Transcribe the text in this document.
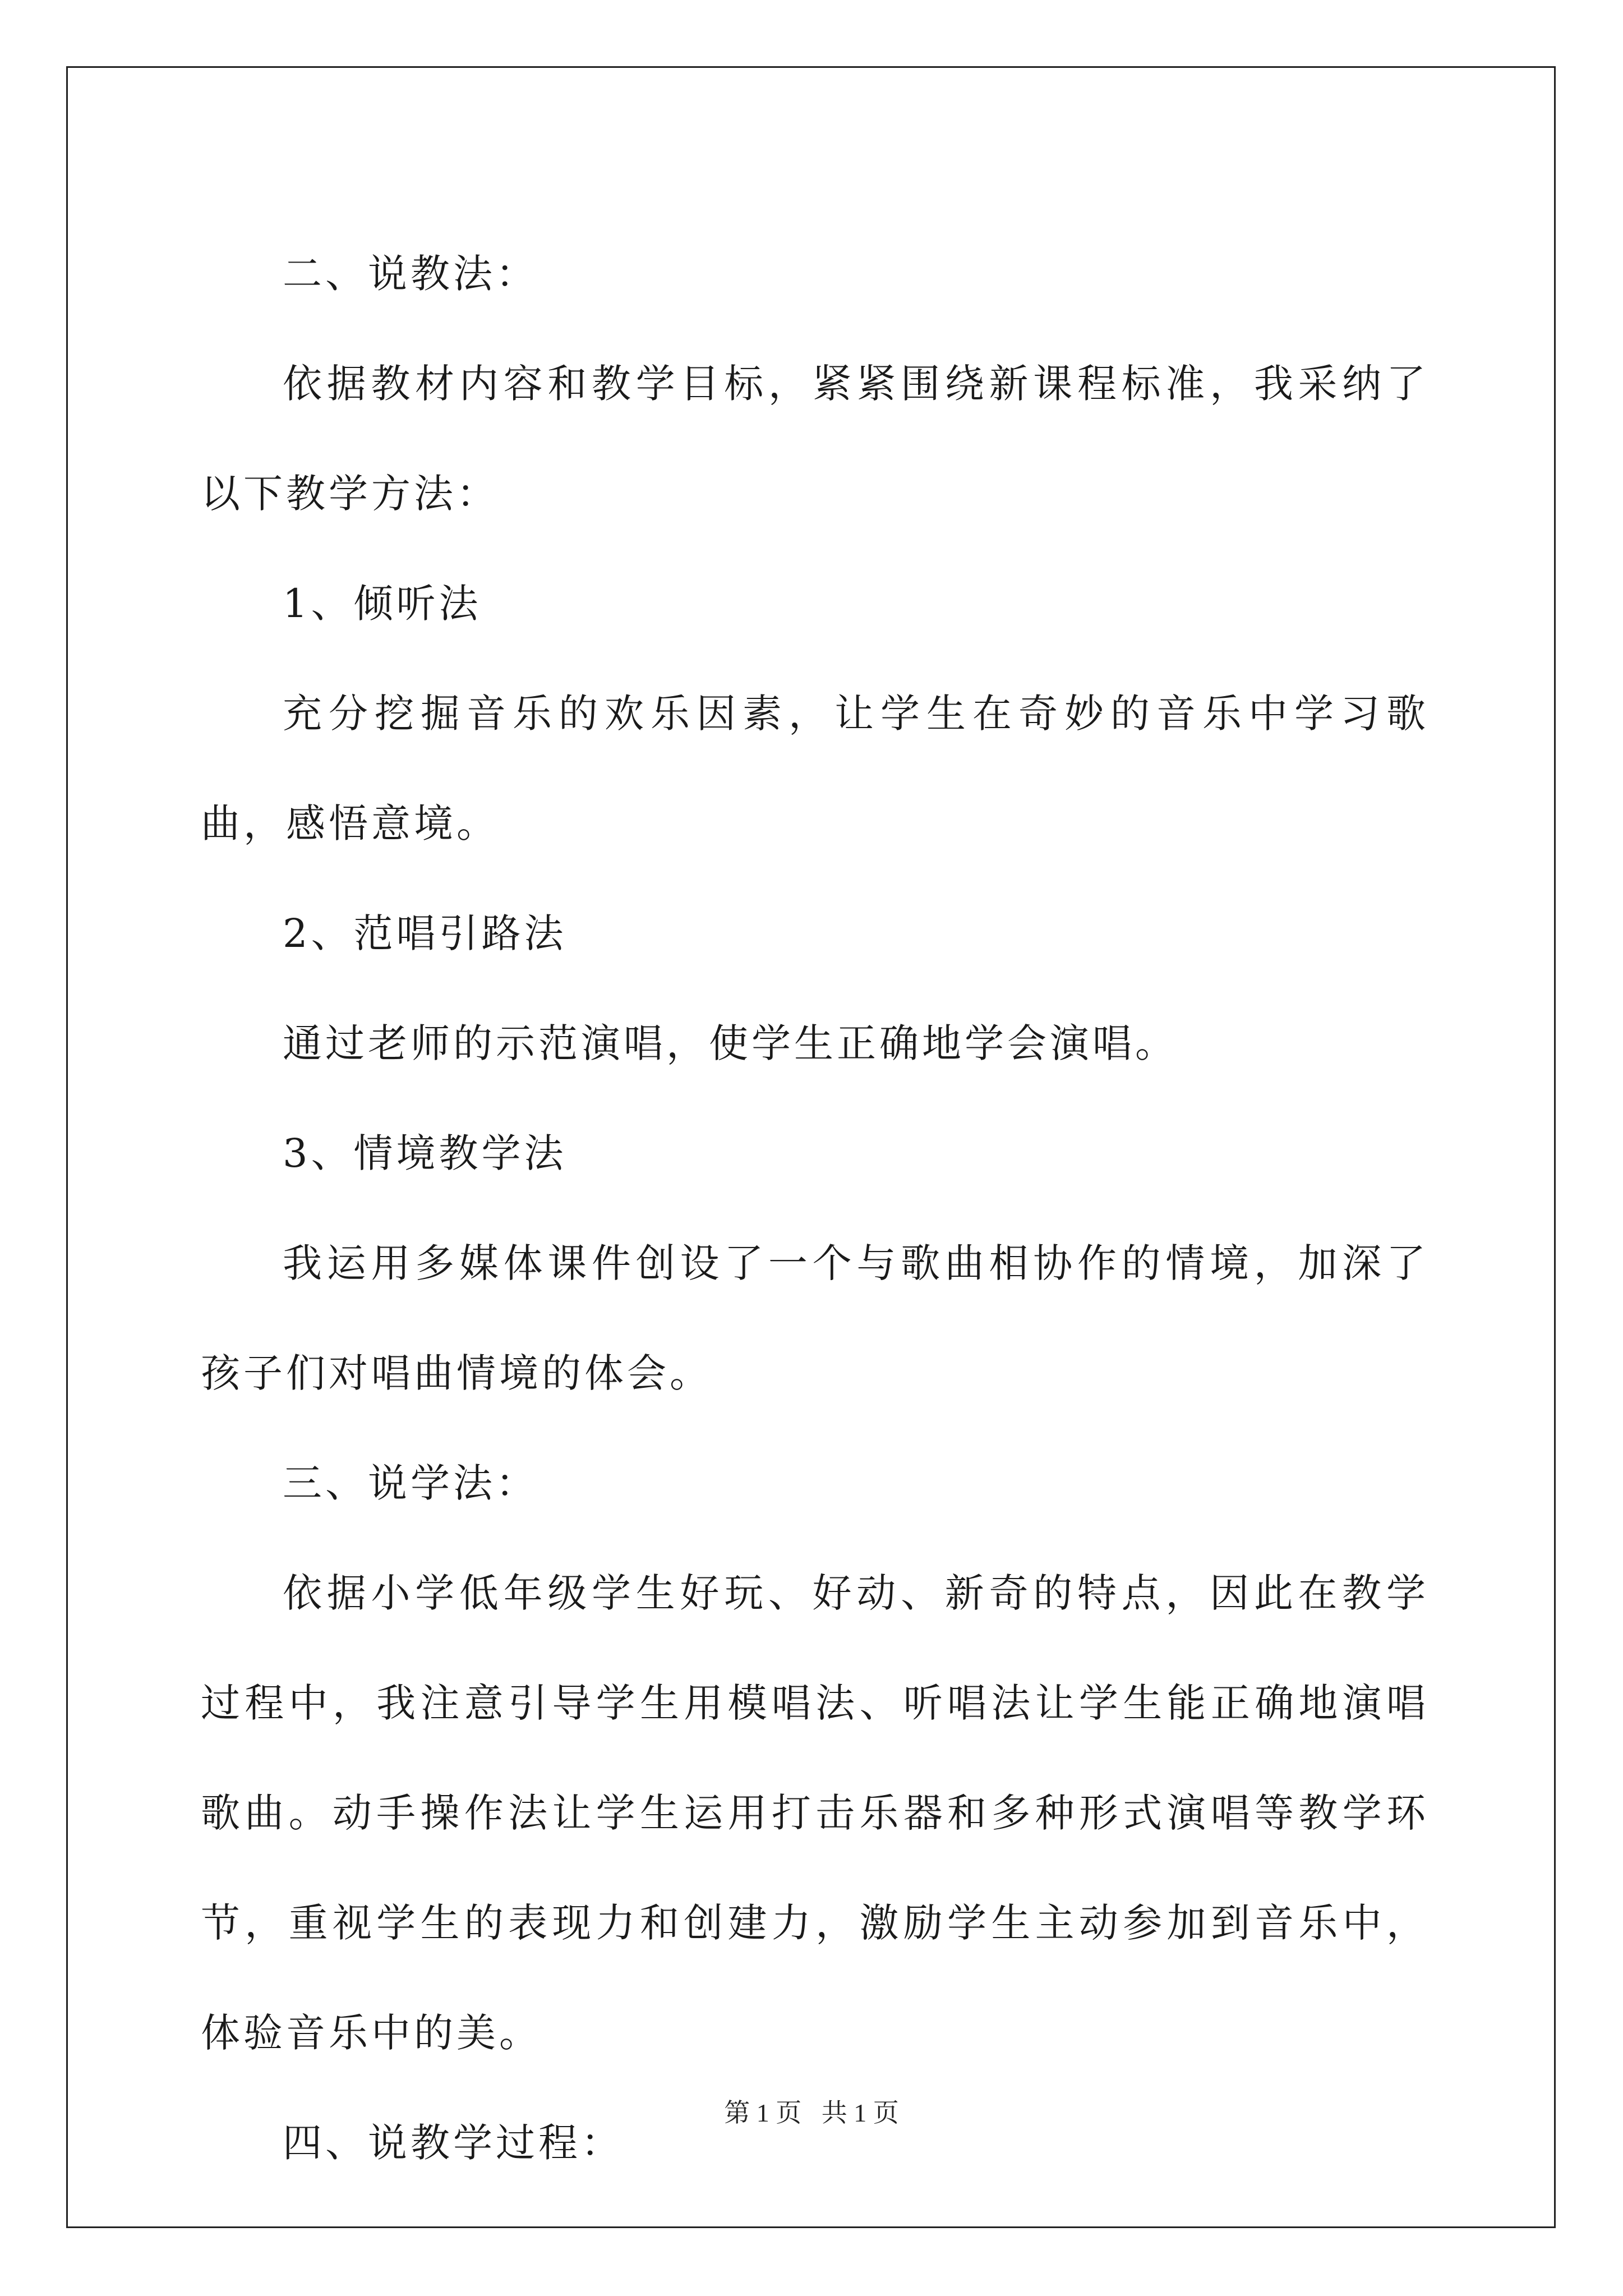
二、说教法：

依据教材内容和教学目标，紧紧围绕新课程标准，我采纳了以下教学方法：

1、倾听法

充分挖掘音乐的欢乐因素，让学生在奇妙的音乐中学习歌曲，感悟意境。

2、范唱引路法

通过老师的示范演唱，使学生正确地学会演唱。

3、情境教学法

我运用多媒体课件创设了一个与歌曲相协作的情境，加深了孩子们对唱曲情境的体会。

三、说学法：

依据小学低年级学生好玩、好动、新奇的特点，因此在教学过程中，我注意引导学生用模唱法、听唱法让学生能正确地演唱歌曲。动手操作法让学生运用打击乐器和多种形式演唱等教学环节，重视学生的表现力和创建力，激励学生主动参加到音乐中，体验音乐中的美。

四、说教学过程：

第 1 页 共 1 页
